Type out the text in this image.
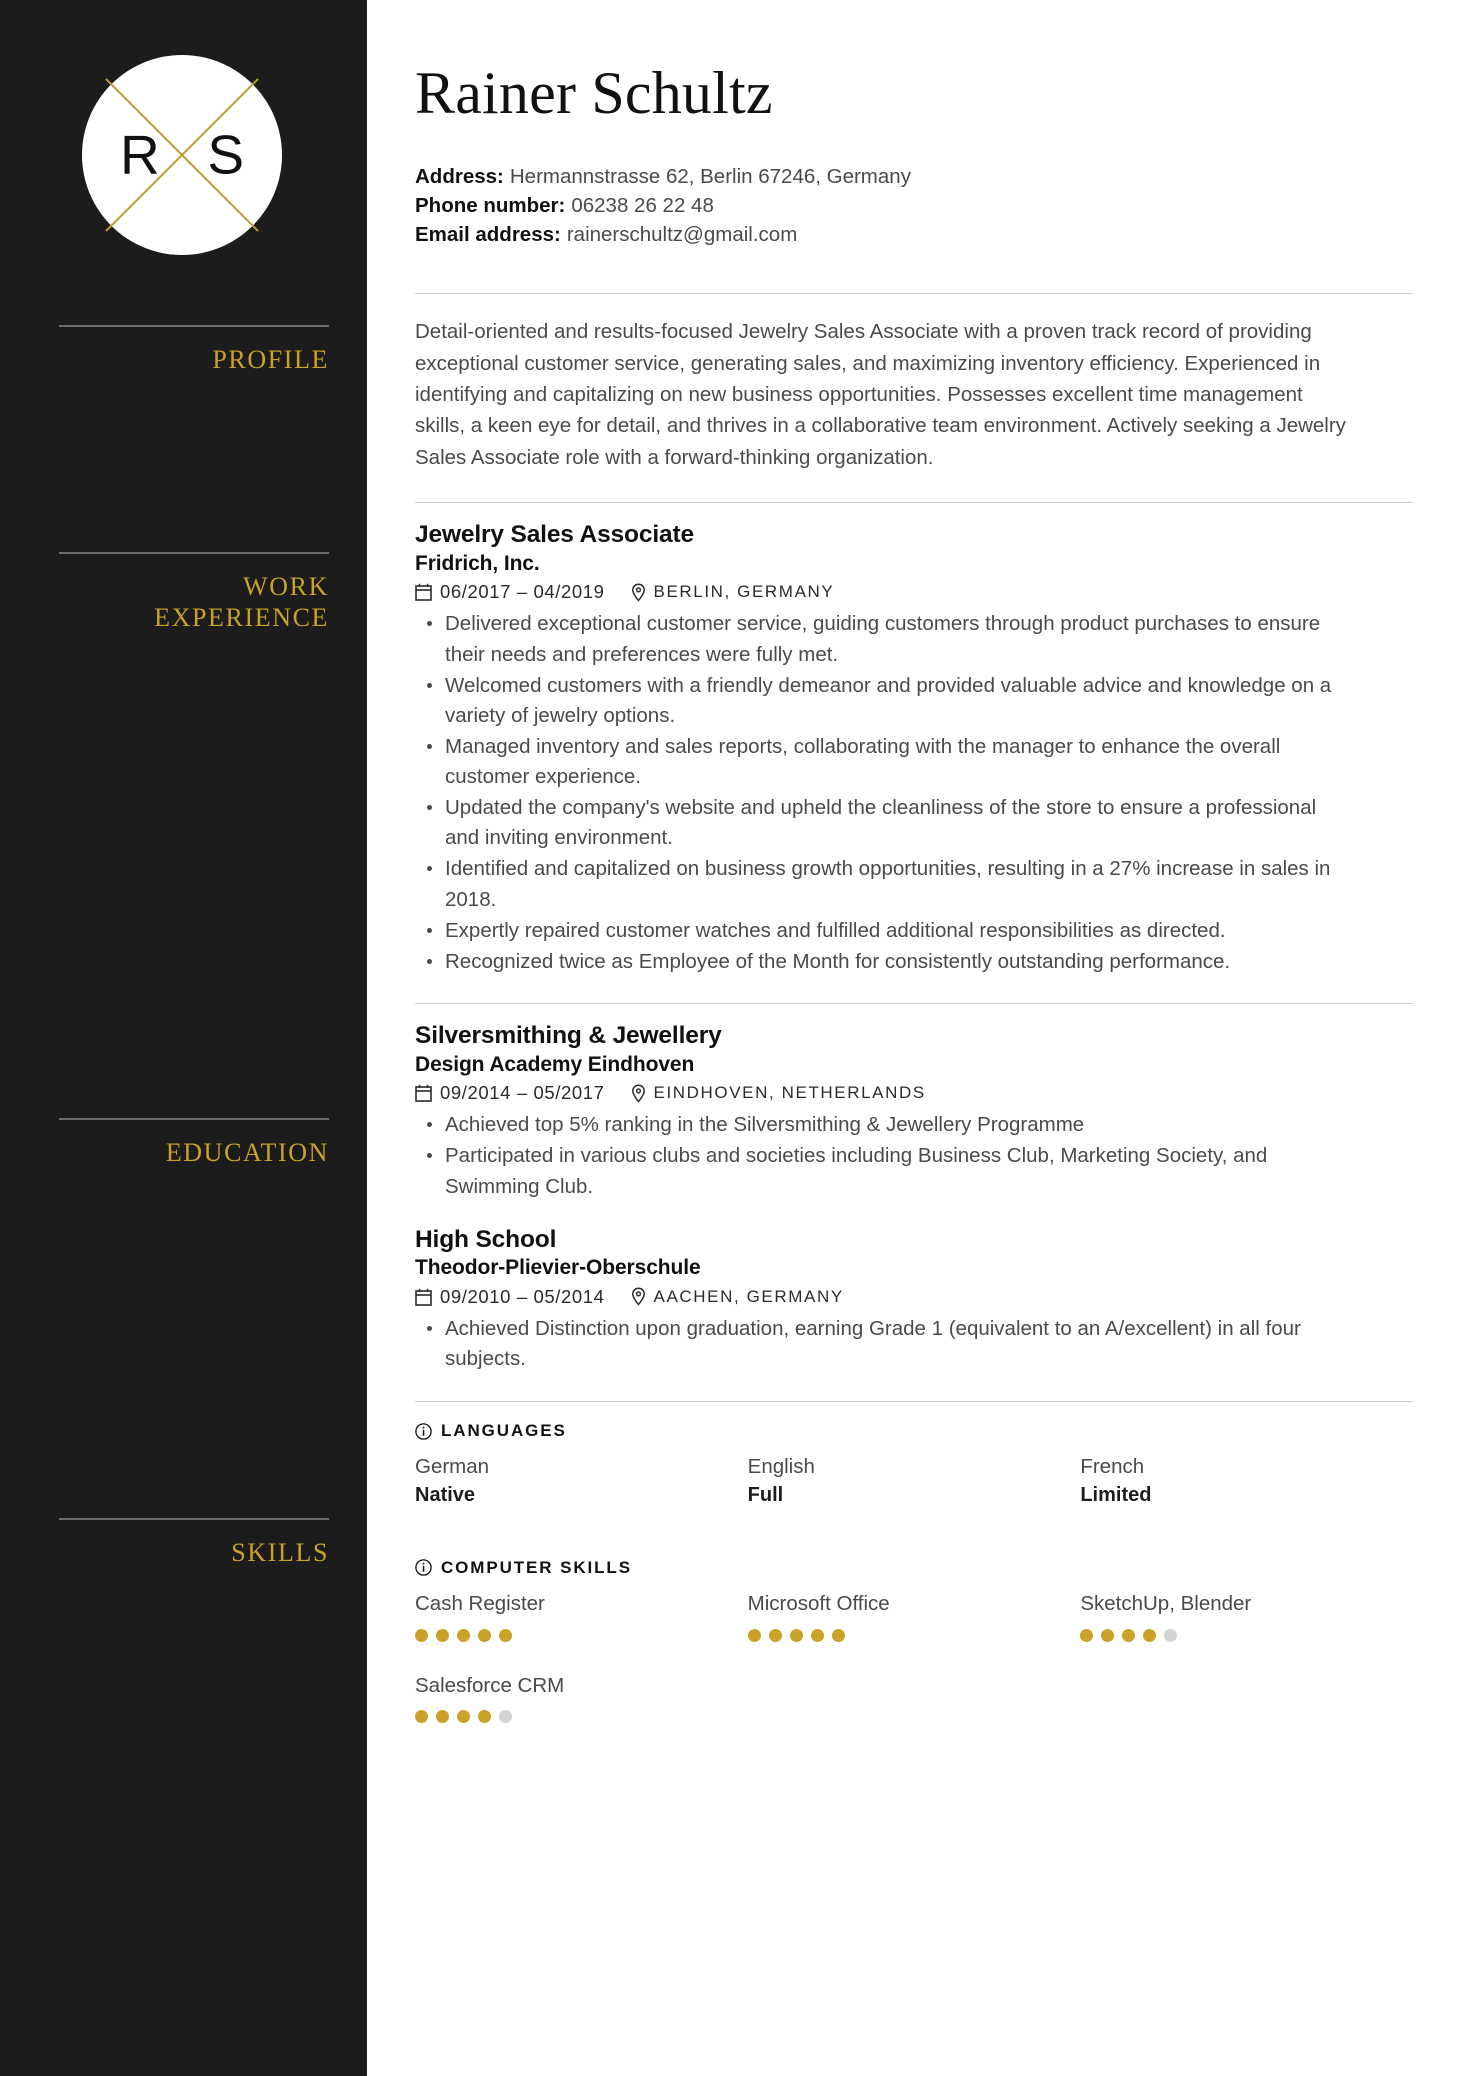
R S
PROFILE
WORK
EXPERIENCE
EDUCATION
SKILLS
Rainer Schultz
Address: Hermannstrasse 62, Berlin 67246, Germany
Phone number: 06238 26 22 48
Email address: rainerschultz@gmail.com

Detail-oriented and results-focused Jewelry Sales Associate with a proven track record of providing exceptional customer service, generating sales, and maximizing inventory efficiency. Experienced in identifying and capitalizing on new business opportunities. Possesses excellent time management skills, a keen eye for detail, and thrives in a collaborative team environment. Actively seeking a Jewelry Sales Associate role with a forward-thinking organization.

Jewelry Sales Associate
Fridrich, Inc.
06/2017 – 04/2019	BERLIN, GERMANY
Delivered exceptional customer service, guiding customers through product purchases to ensure their needs and preferences were fully met.
Welcomed customers with a friendly demeanor and provided valuable advice and knowledge on a variety of jewelry options.
Managed inventory and sales reports, collaborating with the manager to enhance the overall customer experience.
Updated the company's website and upheld the cleanliness of the store to ensure a professional and inviting environment.
Identified and capitalized on business growth opportunities, resulting in a 27% increase in sales in 2018.
Expertly repaired customer watches and fulfilled additional responsibilities as directed.
Recognized twice as Employee of the Month for consistently outstanding performance.
Silversmithing & Jewellery
Design Academy Eindhoven
09/2014 – 05/2017	EINDHOVEN, NETHERLANDS
Achieved top 5% ranking in the Silversmithing & Jewellery Programme
Participated in various clubs and societies including Business Club, Marketing Society, and Swimming Club.
High School
Theodor-Plievier-Oberschule
09/2010 – 05/2014	AACHEN, GERMANY
Achieved Distinction upon graduation, earning Grade 1 (equivalent to an A/excellent) in all four subjects.
LANGUAGES
German
Native
English
Full
French
Limited
COMPUTER SKILLS
Cash Register	Microsoft Office	SketchUp, Blender
Salesforce CRM
